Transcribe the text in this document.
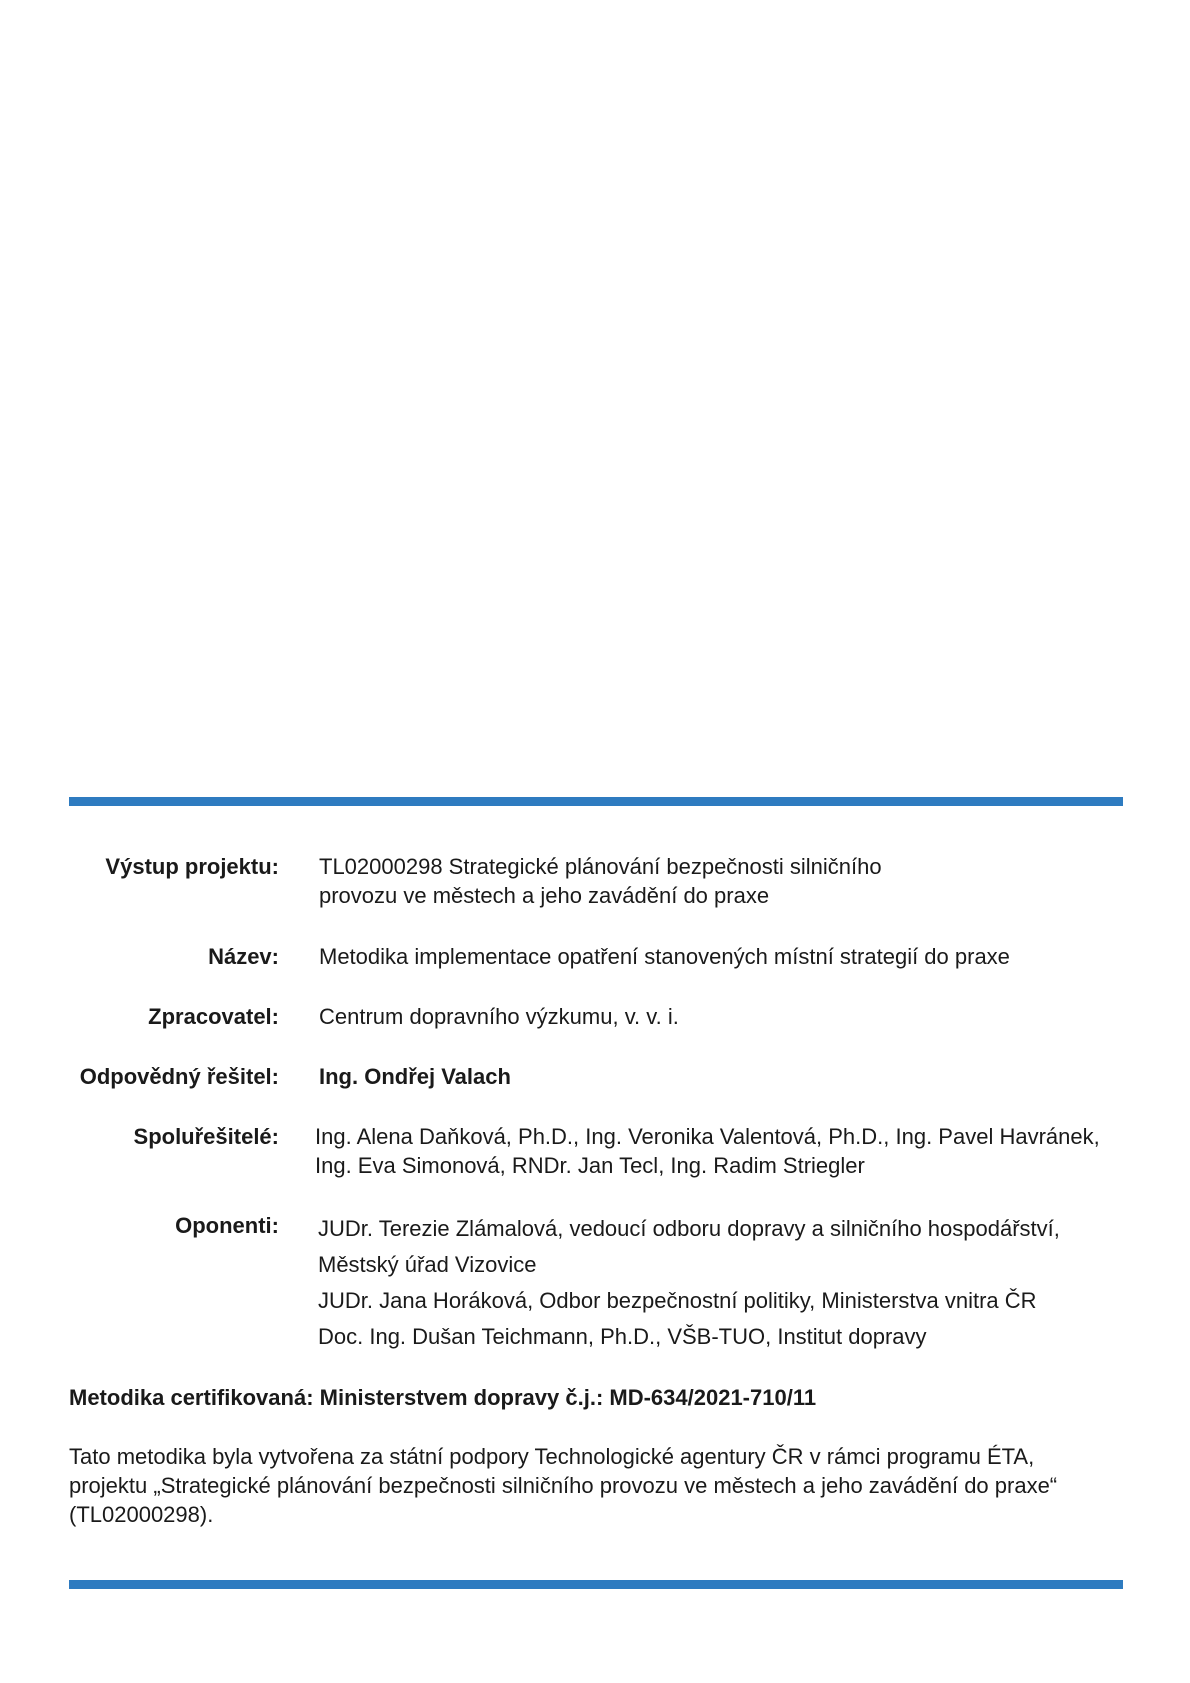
Výstup projektu: TL02000298 Strategické plánování bezpečnosti silničního
provozu ve městech a jeho zavádění do praxe
Název: Metodika implementace opatření stanovených místní strategií do praxe
Zpracovatel: Centrum dopravního výzkumu, v. v. i.
Odpovědný řešitel: Ing. Ondřej Valach
Spoluřešitelé: Ing. Alena Daňková, Ph.D., Ing. Veronika Valentová, Ph.D., Ing. Pavel Havránek,
Ing. Eva Simonová, RNDr. Jan Tecl, Ing. Radim Striegler
Oponenti: JUDr. Terezie Zlámalová, vedoucí odboru dopravy a silničního hospodářství,
Městský úřad Vizovice
JUDr. Jana Horáková, Odbor bezpečnostní politiky, Ministerstva vnitra ČR
Doc. Ing. Dušan Teichmann, Ph.D., VŠB-TUO, Institut dopravy
Metodika certifikovaná: Ministerstvem dopravy č.j.: MD-634/2021-710/11
Tato metodika byla vytvořena za státní podpory Technologické agentury ČR v rámci programu ÉTA,
projektu „Strategické plánování bezpečnosti silničního provozu ve městech a jeho zavádění do praxe“
(TL02000298).
